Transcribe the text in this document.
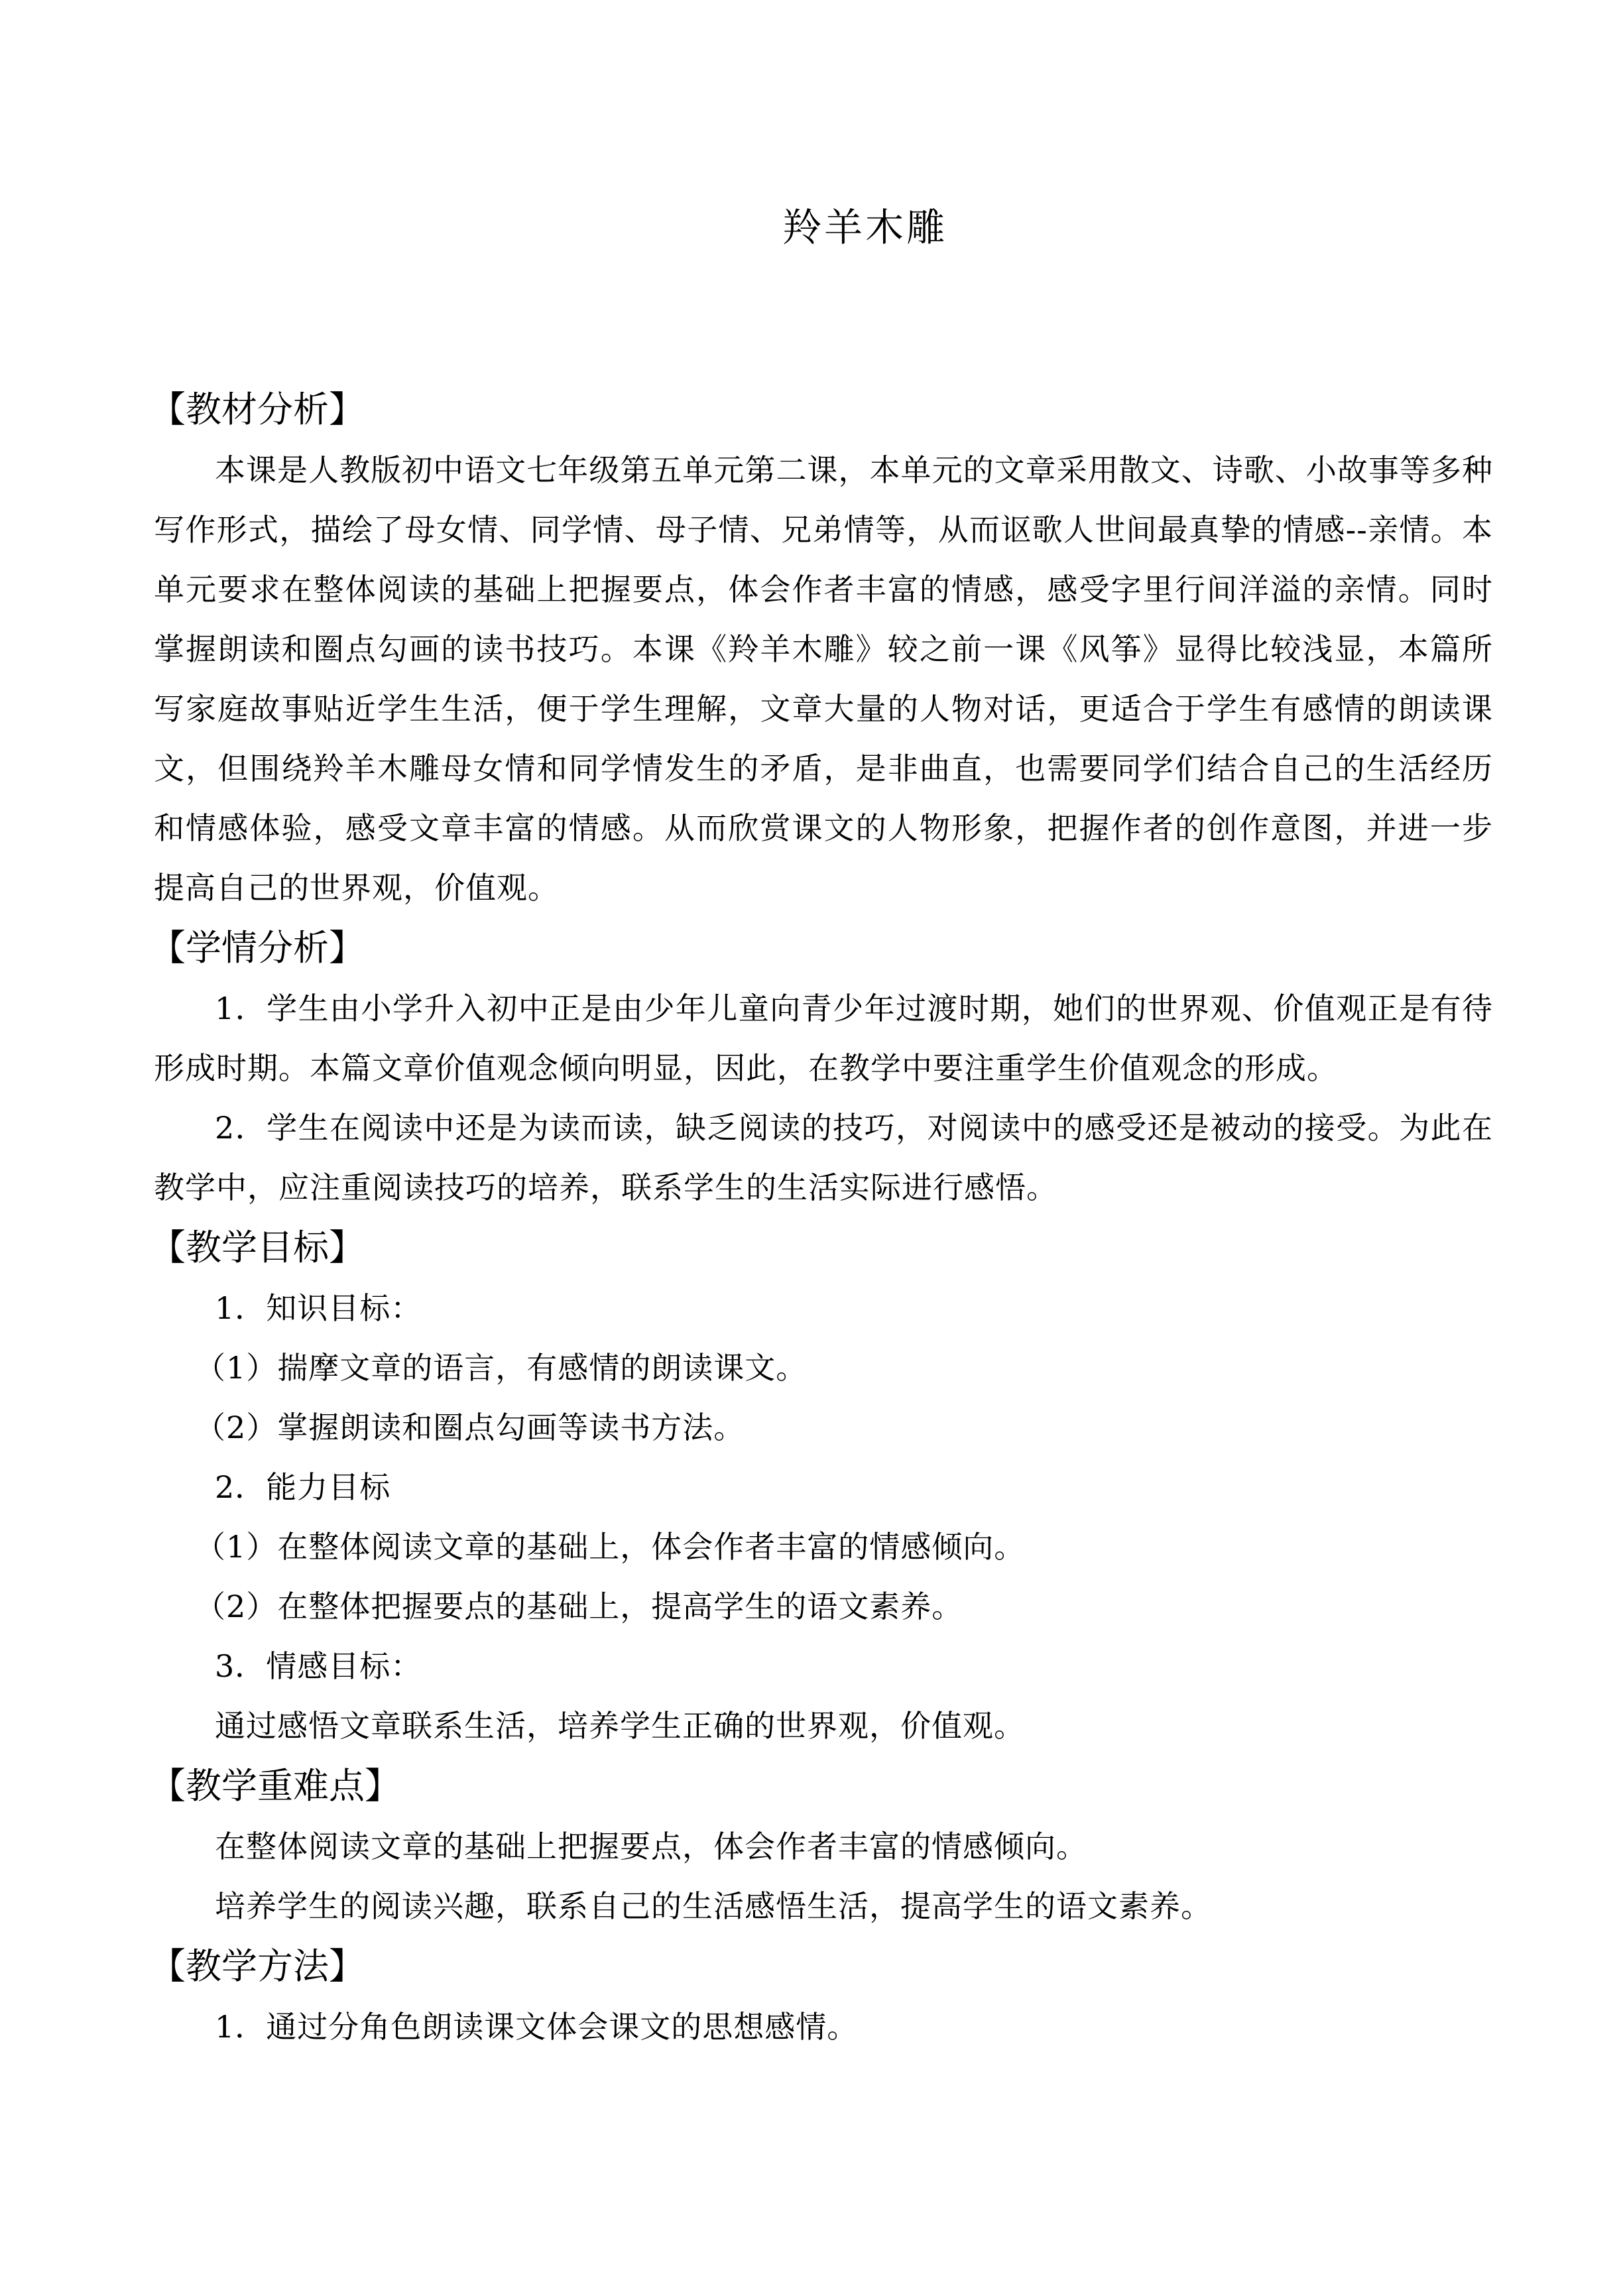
羚羊木雕

【教材分析】

本课是人教版初中语文七年级第五单元第二课，本单元的文章采用散文、诗歌、小故事等多种写作形式，描绘了母女情、同学情、母子情、兄弟情等，从而讴歌人世间最真挚的情感--亲情。本单元要求在整体阅读的基础上把握要点，体会作者丰富的情感，感受字里行间洋溢的亲情。同时掌握朗读和圈点勾画的读书技巧。本课《羚羊木雕》较之前一课《风筝》显得比较浅显，本篇所写家庭故事贴近学生生活，便于学生理解，文章大量的人物对话，更适合于学生有感情的朗读课文，但围绕羚羊木雕母女情和同学情发生的矛盾，是非曲直，也需要同学们结合自己的生活经历和情感体验，感受文章丰富的情感。从而欣赏课文的人物形象，把握作者的创作意图，并进一步提高自己的世界观，价值观。

【学情分析】

1．学生由小学升入初中正是由少年儿童向青少年过渡时期，她们的世界观、价值观正是有待形成时期。本篇文章价值观念倾向明显，因此，在教学中要注重学生价值观念的形成。

2．学生在阅读中还是为读而读，缺乏阅读的技巧，对阅读中的感受还是被动的接受。为此在教学中，应注重阅读技巧的培养，联系学生的生活实际进行感悟。

【教学目标】

1．知识目标：

（1）揣摩文章的语言，有感情的朗读课文。

（2）掌握朗读和圈点勾画等读书方法。

2．能力目标

（1）在整体阅读文章的基础上，体会作者丰富的情感倾向。

（2）在整体把握要点的基础上，提高学生的语文素养。

3．情感目标：

通过感悟文章联系生活，培养学生正确的世界观，价值观。

【教学重难点】

在整体阅读文章的基础上把握要点，体会作者丰富的情感倾向。

培养学生的阅读兴趣，联系自己的生活感悟生活，提高学生的语文素养。

【教学方法】

1．通过分角色朗读课文体会课文的思想感情。
